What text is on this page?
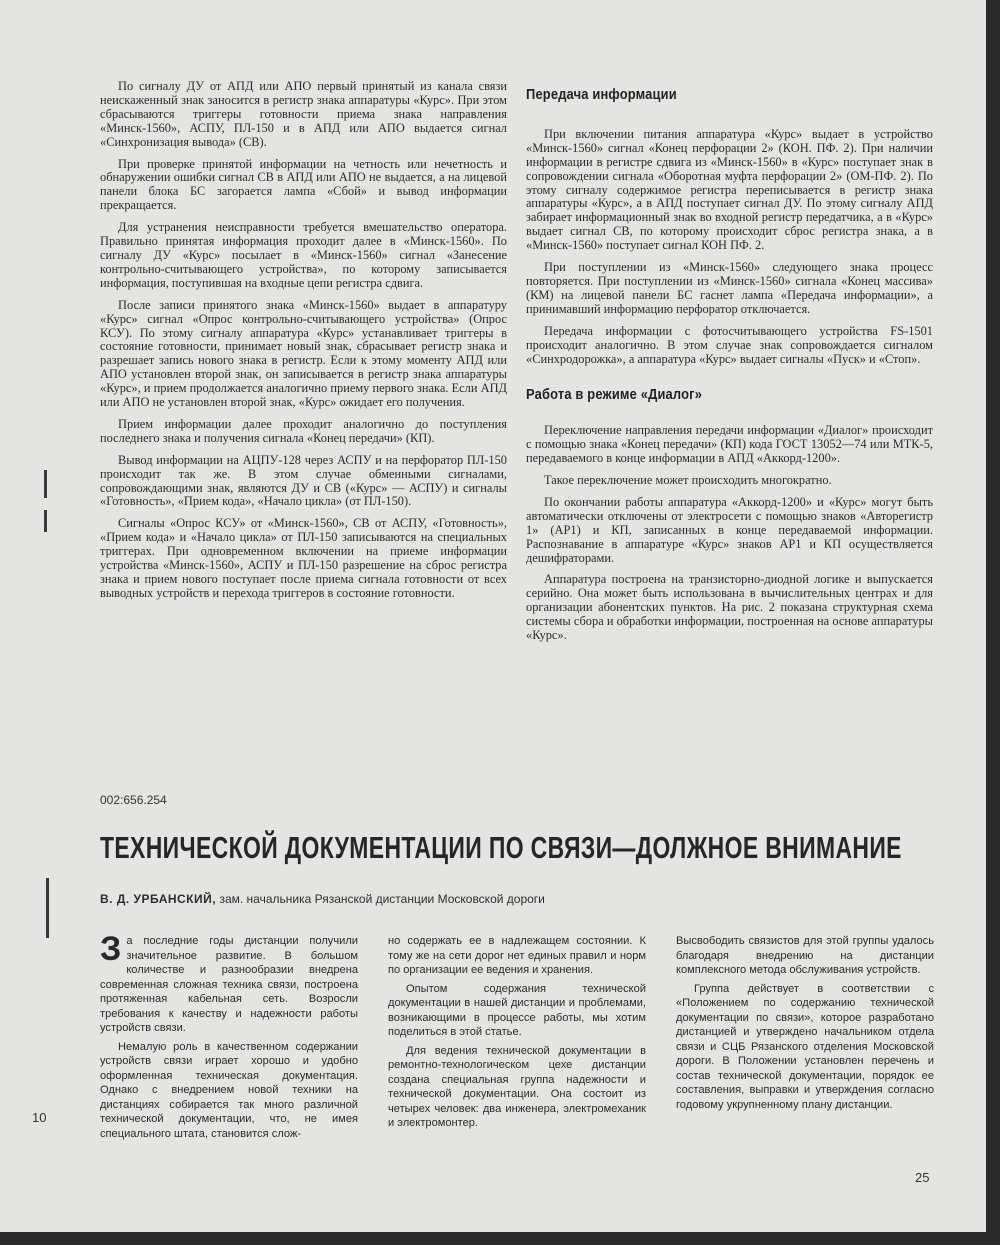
По сигналу ДУ от АПД или АПО первый принятый из канала связи неискаженный знак заносится в регистр знака аппаратуры «Курс». При этом сбрасываются триггеры готовности приема знака направления «Минск-1560», АСПУ, ПЛ-150 и в АПД или АПО выдается сигнал «Синхронизация вывода» (СВ).

При проверке принятой информации на четность или нечетность и обнаружении ошибки сигнал СВ в АПД или АПО не выдается, а на лицевой панели блока БС загорается лампа «Сбой» и вывод информации прекращается.

Для устранения неисправности требуется вмешательство оператора. Правильно принятая информация проходит далее в «Минск-1560». По сигналу ДУ «Курс» посылает в «Минск-1560» сигнал «Занесение контрольно-считывающего устройства», по которому записывается информация, поступившая на входные цепи регистра сдвига.

После записи принятого знака «Минск-1560» выдает в аппаратуру «Курс» сигнал «Опрос контрольно-считывающего устройства» (Опрос КСУ). По этому сигналу аппаратура «Курс» устанавливает триггеры в состояние готовности, принимает новый знак, сбрасывает регистр знака и разрешает запись нового знака в регистр. Если к этому моменту АПД или АПО установлен второй знак, он записывается в регистр знака аппаратуры «Курс», и прием продолжается аналогично приему первого знака. Если АПД или АПО не установлен второй знак, «Курс» ожидает его получения.

Прием информации далее проходит аналогично до поступления последнего знака и получения сигнала «Конец передачи» (КП).

Вывод информации на АЦПУ-128 через АСПУ и на перфоратор ПЛ-150 происходит так же. В этом случае обменными сигналами, сопровождающими знак, являются ДУ и СВ («Курс» — АСПУ) и сигналы «Готовность», «Прием кода», «Начало цикла» (от ПЛ-150).

Сигналы «Опрос КСУ» от «Минск-1560», СВ от АСПУ, «Готовность», «Прием кода» и «Начало цикла» от ПЛ-150 записываются на специальных триггерах. При одновременном включении на приеме информации устройства «Минск-1560», АСПУ и ПЛ-150 разрешение на сброс регистра знака и прием нового поступает после приема сигнала готовности от всех выводных устройств и перехода триггеров в состояние готовности.

Передача информации

При включении питания аппаратура «Курс» выдает в устройство «Минск-1560» сигнал «Конец перфорации 2» (КОН. ПФ. 2). При наличии информации в регистре сдвига из «Минск-1560» в «Курс» поступает знак в сопровождении сигнала «Оборотная муфта перфорации 2» (ОМ-ПФ. 2). По этому сигналу содержимое регистра переписывается в регистр знака аппаратуры «Курс», а в АПД поступает сигнал ДУ. По этому сигналу АПД забирает информационный знак во входной регистр передатчика, а в «Курс» выдает сигнал СВ, по которому происходит сброс регистра знака, а в «Минск-1560» поступает сигнал КОН ПФ. 2.

При поступлении из «Минск-1560» следующего знака процесс повторяется. При поступлении из «Минск-1560» сигнала «Конец массива» (КМ) на лицевой панели БС гаснет лампа «Передача информации», а принимавший информацию перфоратор отключается.

Передача информации с фотосчитывающего устройства FS-1501 происходит аналогично. В этом случае знак сопровождается сигналом «Синхродорожка», а аппаратура «Курс» выдает сигналы «Пуск» и «Стоп».

Работа в режиме «Диалог»

Переключение направления передачи информации «Диалог» происходит с помощью знака «Конец передачи» (КП) кода ГОСТ 13052—74 или МТК-5, передаваемого в конце информации в АПД «Аккорд-1200».

Такое переключение может происходить многократно.

По окончании работы аппаратура «Аккорд-1200» и «Курс» могут быть автоматически отключены от электросети с помощью знаков «Авторегистр 1» (АР1) и КП, записанных в конце передаваемой информации. Распознавание в аппаратуре «Курс» знаков АР1 и КП осуществляется дешифраторами.

Аппаратура построена на транзисторно-диодной логике и выпускается серийно. Она может быть использована в вычислительных центрах и для организации абонентских пунктов. На рис. 2 показана структурная схема системы сбора и обработки информации, построенная на основе аппаратуры «Курс».

002:656.254
ТЕХНИЧЕСКОЙ ДОКУМЕНТАЦИИ ПО СВЯЗИ—ДОЛЖНОЕ ВНИМАНИЕ
В. Д. УРБАНСКИЙ, зам. начальника Рязанской дистанции Московской дороги

За последние годы дистанции получили значительное развитие. В большом количестве и разнообразии внедрена современная сложная техника связи, построена протяженная кабельная сеть. Возросли требования к качеству и надежности работы устройств связи.

Немалую роль в качественном содержании устройств связи играет хорошо и удобно оформленная техническая документация. Однако с внедрением новой техники на дистанциях собирается так много различной технической документации, что, не имея специального штата, становится слож-

но содержать ее в надлежащем состоянии. К тому же на сети дорог нет единых правил и норм по организации ее ведения и хранения.

Опытом содержания технической документации в нашей дистанции и проблемами, возникающими в процессе работы, мы хотим поделиться в этой статье.

Для ведения технической документации в ремонтно-технологическом цехе дистанции создана специальная группа надежности и технической документации. Она состоит из четырех человек: два инженера, электромеханик и электромонтер.

Высвободить связистов для этой группы удалось благодаря внедрению на дистанции комплексного метода обслуживания устройств.

Группа действует в соответствии с «Положением по содержанию технической документации по связи», которое разработано дистанцией и утверждено начальником отдела связи и СЦБ Рязанского отделения Московской дороги. В Положении установлен перечень и состав технической документации, порядок ее составления, выправки и утверждения согласно годовому укрупненному плану дистанции.

10
25
